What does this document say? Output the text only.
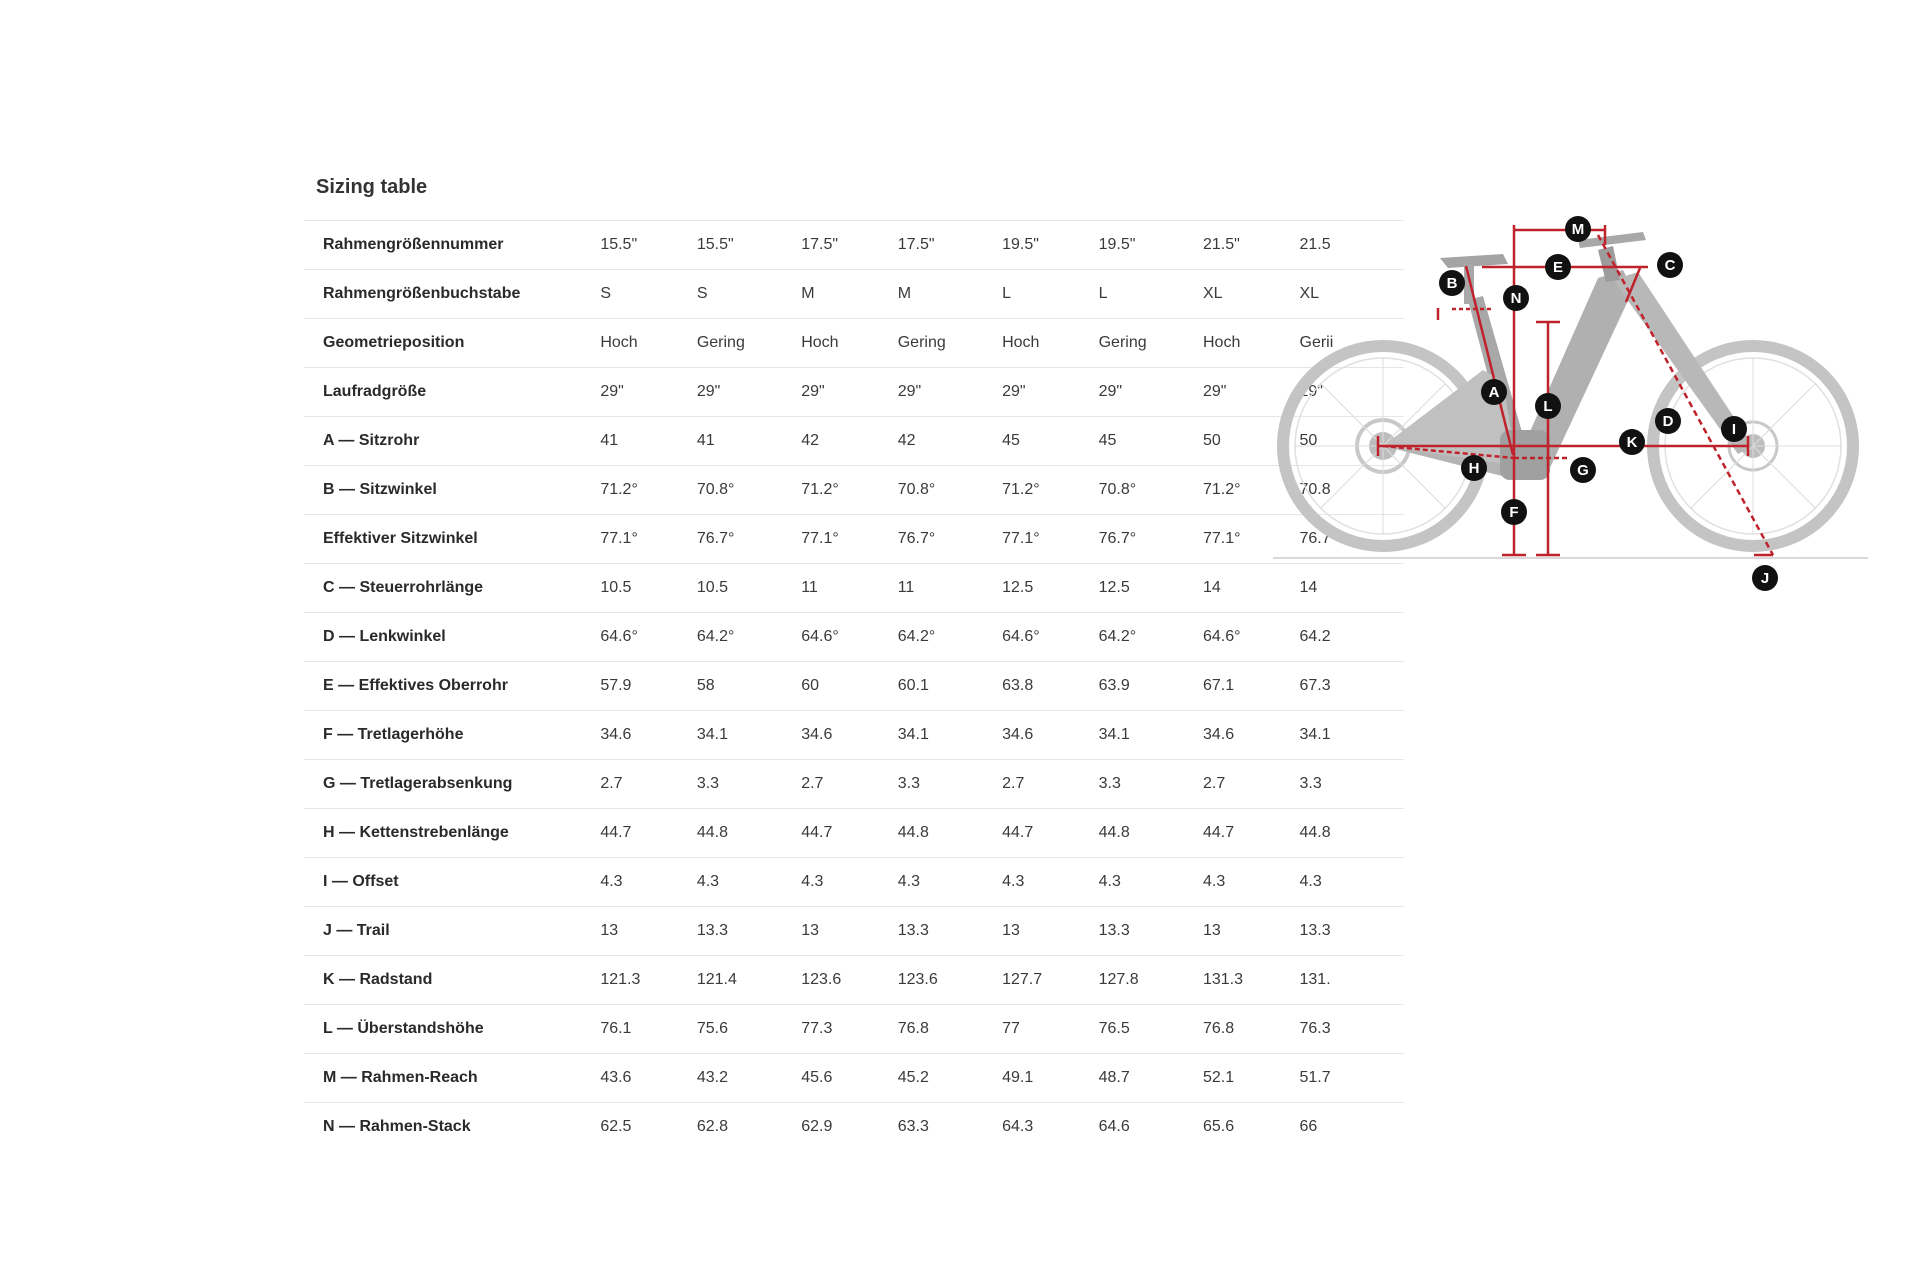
Sizing table
Rahmengrößennummer	15.5"	15.5"	17.5"	17.5"	19.5"	19.5"	21.5"	21.5
Rahmengrößenbuchstabe	S	S	M	M	L	L	XL	XL
Geometrieposition	Hoch	Gering	Hoch	Gering	Hoch	Gering	Hoch	Gerii
Laufradgröße	29"	29"	29"	29"	29"	29"	29"	29"
A — Sitzrohr	41	41	42	42	45	45	50	50
B — Sitzwinkel	71.2°	70.8°	71.2°	70.8°	71.2°	70.8°	71.2°	70.8
Effektiver Sitzwinkel	77.1°	76.7°	77.1°	76.7°	77.1°	76.7°	77.1°	76.7
C — Steuerrohrlänge	10.5	10.5	11	11	12.5	12.5	14	14
D — Lenkwinkel	64.6°	64.2°	64.6°	64.2°	64.6°	64.2°	64.6°	64.2
E — Effektives Oberrohr	57.9	58	60	60.1	63.8	63.9	67.1	67.3
F — Tretlagerhöhe	34.6	34.1	34.6	34.1	34.6	34.1	34.6	34.1
G — Tretlagerabsenkung	2.7	3.3	2.7	3.3	2.7	3.3	2.7	3.3
H — Kettenstrebenlänge	44.7	44.8	44.7	44.8	44.7	44.8	44.7	44.8
I — Offset	4.3	4.3	4.3	4.3	4.3	4.3	4.3	4.3
J — Trail	13	13.3	13	13.3	13	13.3	13	13.3
K — Radstand	121.3	121.4	123.6	123.6	127.7	127.8	131.3	131.
L — Überstandshöhe	76.1	75.6	77.3	76.8	77	76.5	76.8	76.3
M — Rahmen-Reach	43.6	43.2	45.6	45.2	49.1	48.7	52.1	51.7
N — Rahmen-Stack	62.5	62.8	62.9	63.3	64.3	64.6	65.6	66
M
E	C
B
N
A
L
D	I
K
H	G
F
J
